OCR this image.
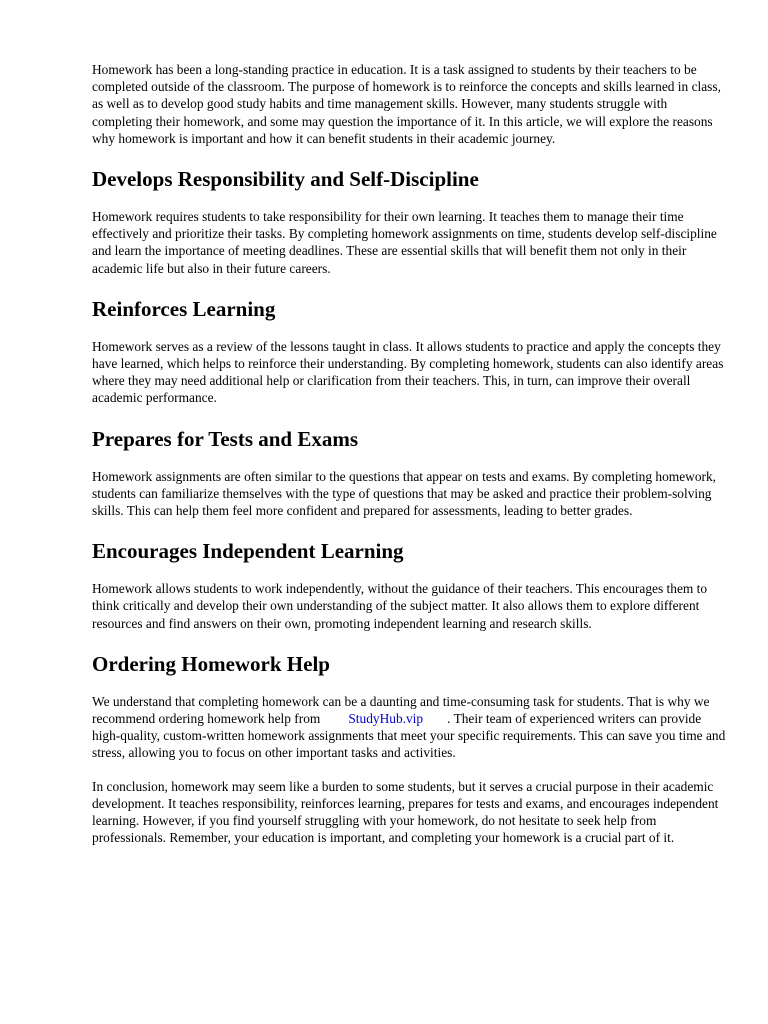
Homework has been a long-standing practice in education. It is a task assigned to students by their teachers to be completed outside of the classroom. The purpose of homework is to reinforce the concepts and skills learned in class, as well as to develop good study habits and time management skills. However, many students struggle with completing their homework, and some may question the importance of it. In this article, we will explore the reasons why homework is important and how it can benefit students in their academic journey.

Develops Responsibility and Self-Discipline

Homework requires students to take responsibility for their own learning. It teaches them to manage their time effectively and prioritize their tasks. By completing homework assignments on time, students develop self-discipline and learn the importance of meeting deadlines. These are essential skills that will benefit them not only in their academic life but also in their future careers.

Reinforces Learning

Homework serves as a review of the lessons taught in class. It allows students to practice and apply the concepts they have learned, which helps to reinforce their understanding. By completing homework, students can also identify areas where they may need additional help or clarification from their teachers. This, in turn, can improve their overall academic performance.

Prepares for Tests and Exams

Homework assignments are often similar to the questions that appear on tests and exams. By completing homework, students can familiarize themselves with the type of questions that may be asked and practice their problem-solving skills. This can help them feel more confident and prepared for assessments, leading to better grades.

Encourages Independent Learning

Homework allows students to work independently, without the guidance of their teachers. This encourages them to think critically and develop their own understanding of the subject matter. It also allows them to explore different resources and find answers on their own, promoting independent learning and research skills.

Ordering Homework Help

We understand that completing homework can be a daunting and time-consuming task for students. That is why we recommend ordering homework help from StudyHub.vip . Their team of experienced writers can provide high-quality, custom-written homework assignments that meet your specific requirements. This can save you time and stress, allowing you to focus on other important tasks and activities.

In conclusion, homework may seem like a burden to some students, but it serves a crucial purpose in their academic development. It teaches responsibility, reinforces learning, prepares for tests and exams, and encourages independent learning. However, if you find yourself struggling with your homework, do not hesitate to seek help from professionals. Remember, your education is important, and completing your homework is a crucial part of it.
